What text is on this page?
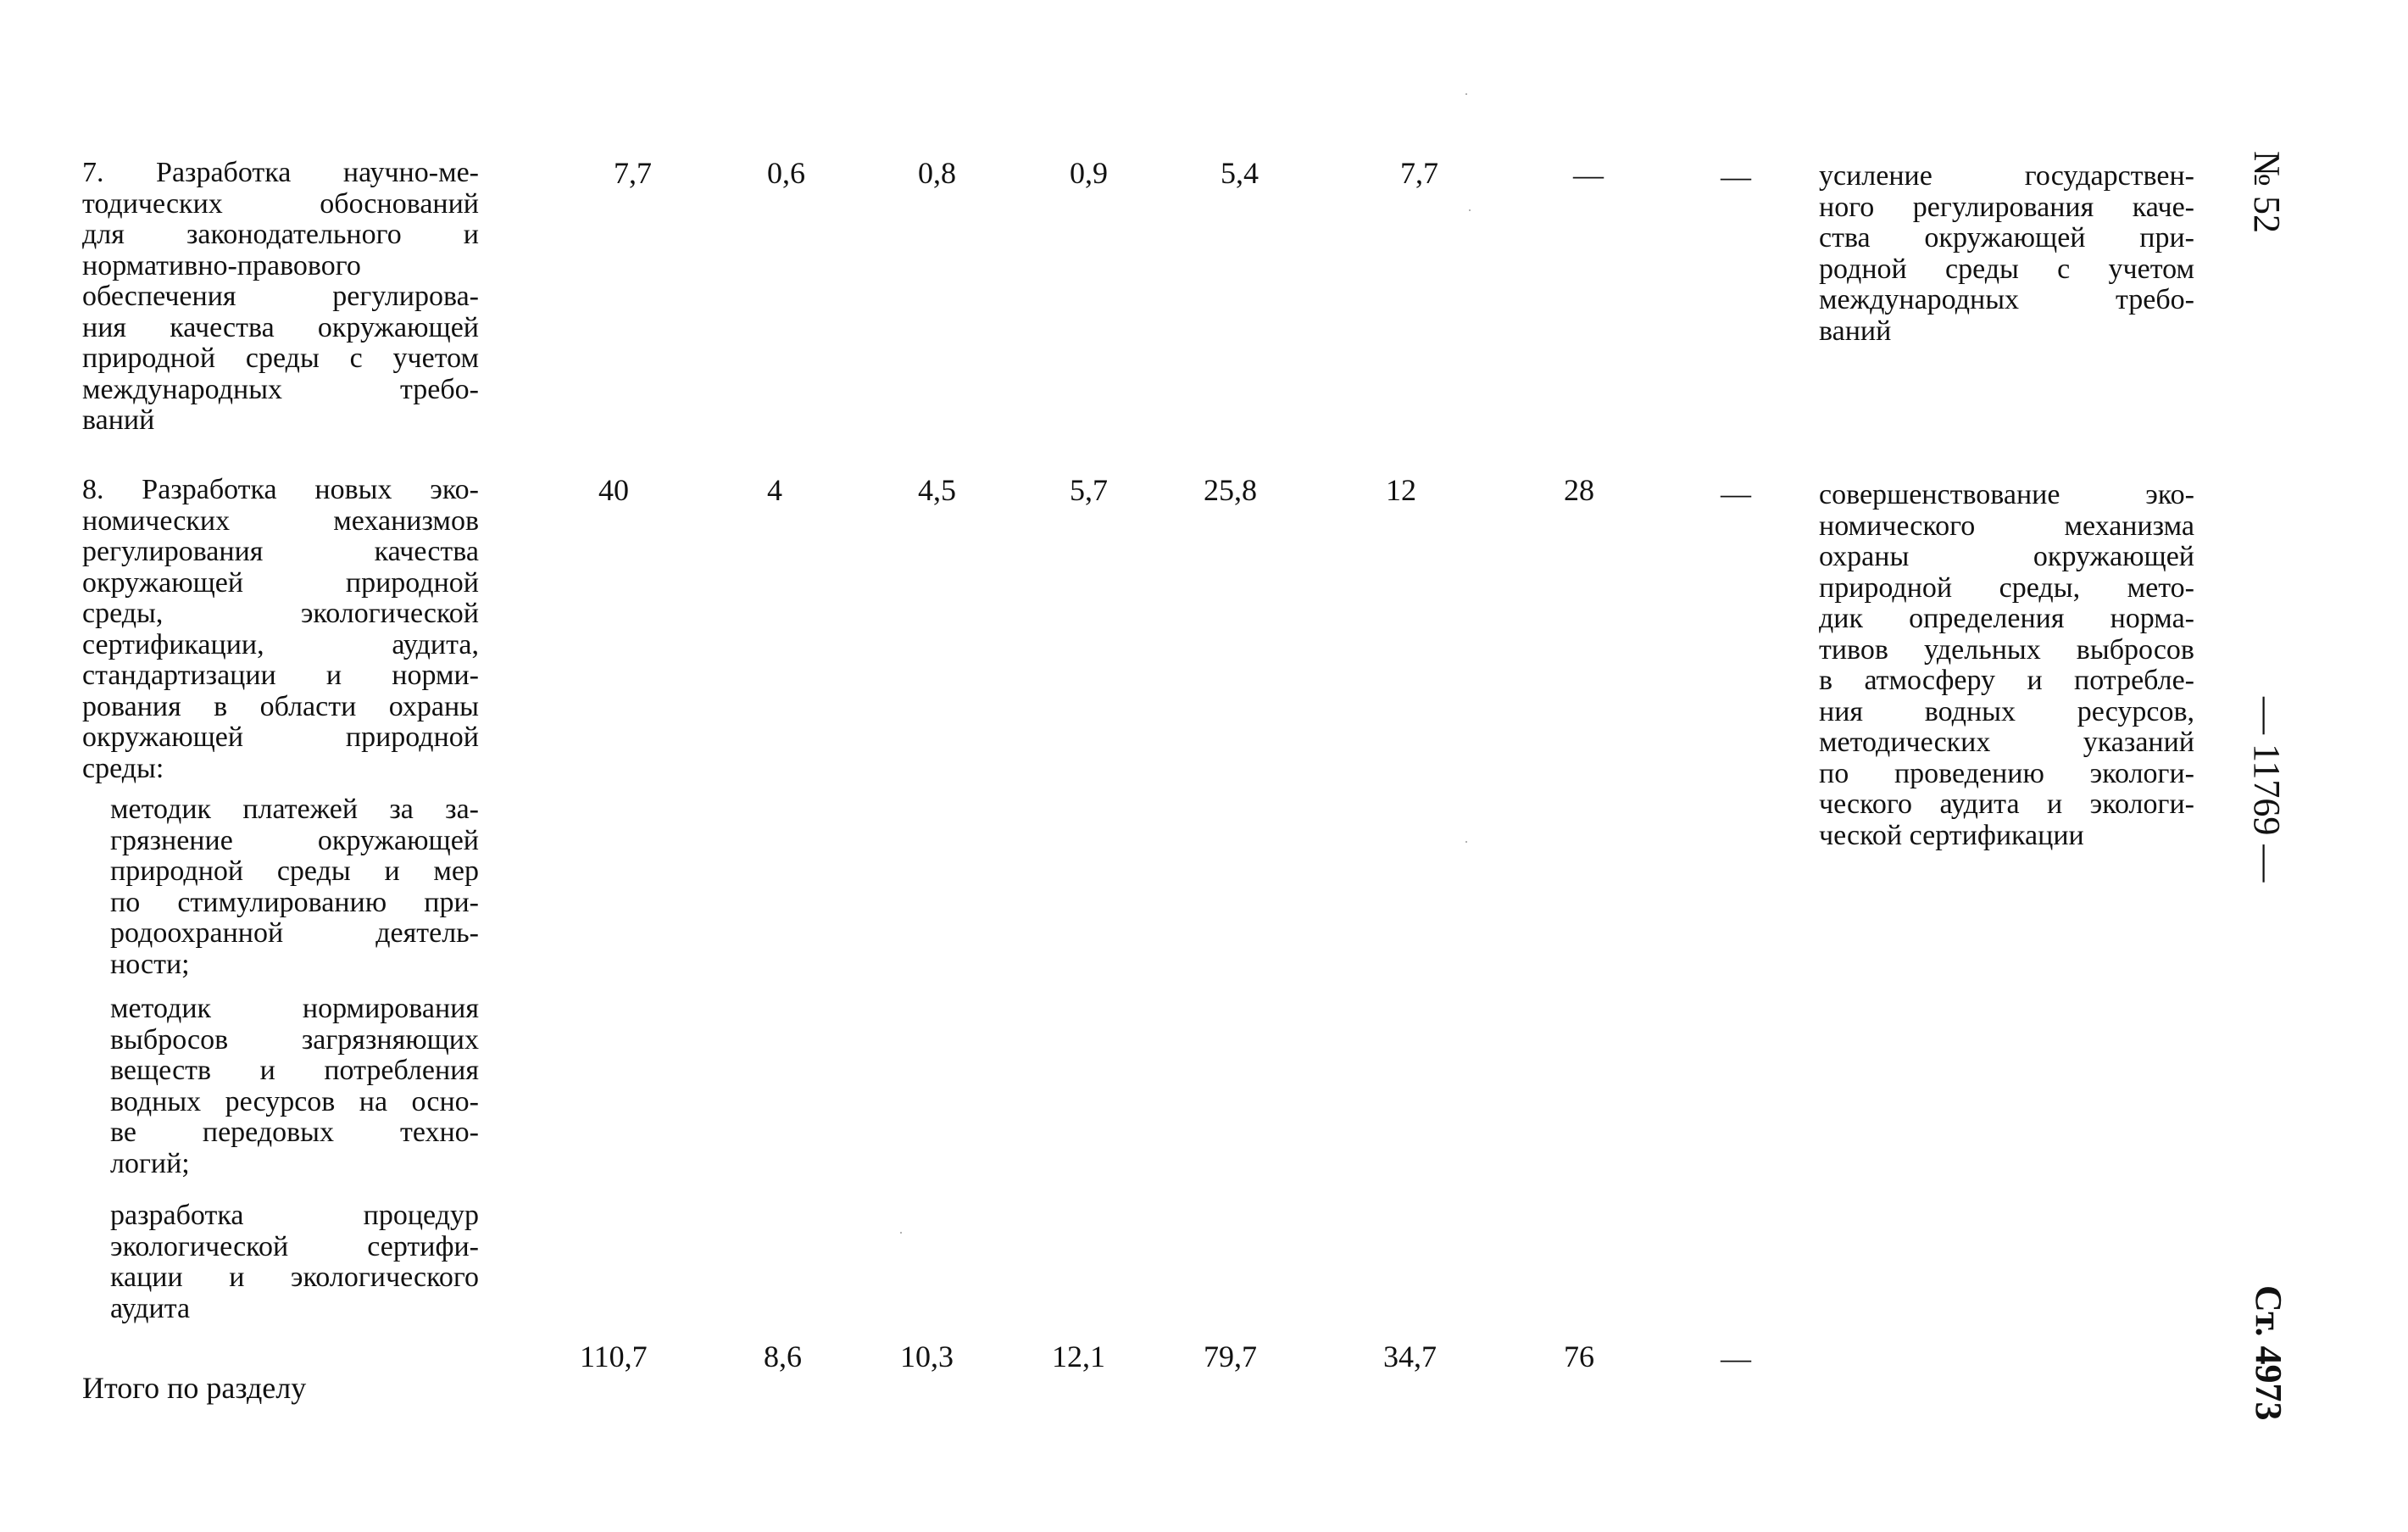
7. Разработка научно-ме-
тодических обоснований
для законодательного и
нормативно-правового
обеспечения регулирова-
ния качества окружающей
природной среды с учетом
международных требо-
ваний
7,7	0,6	0,8	0,9	5,4	7,7	—	— усиление государствен-
ного регулирования каче-
ства окружающей при-
родной среды с учетом
международных требо-
ваний
8. Разработка новых эко-
номических механизмов
регулирования качества
окружающей природной
среды, экологической
сертификации, аудита,
стандартизации и норми-
рования в области охраны
окружающей природной
среды:
методик платежей за за-
грязнение окружающей
природной среды и мер
по стимулированию при-
родоохранной деятель-
ности;
методик нормирования
выбросов загрязняющих
веществ и потребления
водных ресурсов на осно-
ве передовых техно-
логий;
разработка процедур
экологической сертифи-
кации и экологического
аудита
40	4	4,5	5,7	25,8	12	28	— совершенствование эко-
номического механизма
охраны окружающей
природной среды, мето-
дик определения норма-
тивов удельных выбросов
в атмосферу и потребле-
ния водных ресурсов,
методических указаний
по проведению экологи-
ческого аудита и экологи-
ческой сертификации
Итого по разделу
110,7	8,6	10,3	12,1	79,7	34,7	76	—
№ 52
— 11769 —
Ст. 4973
